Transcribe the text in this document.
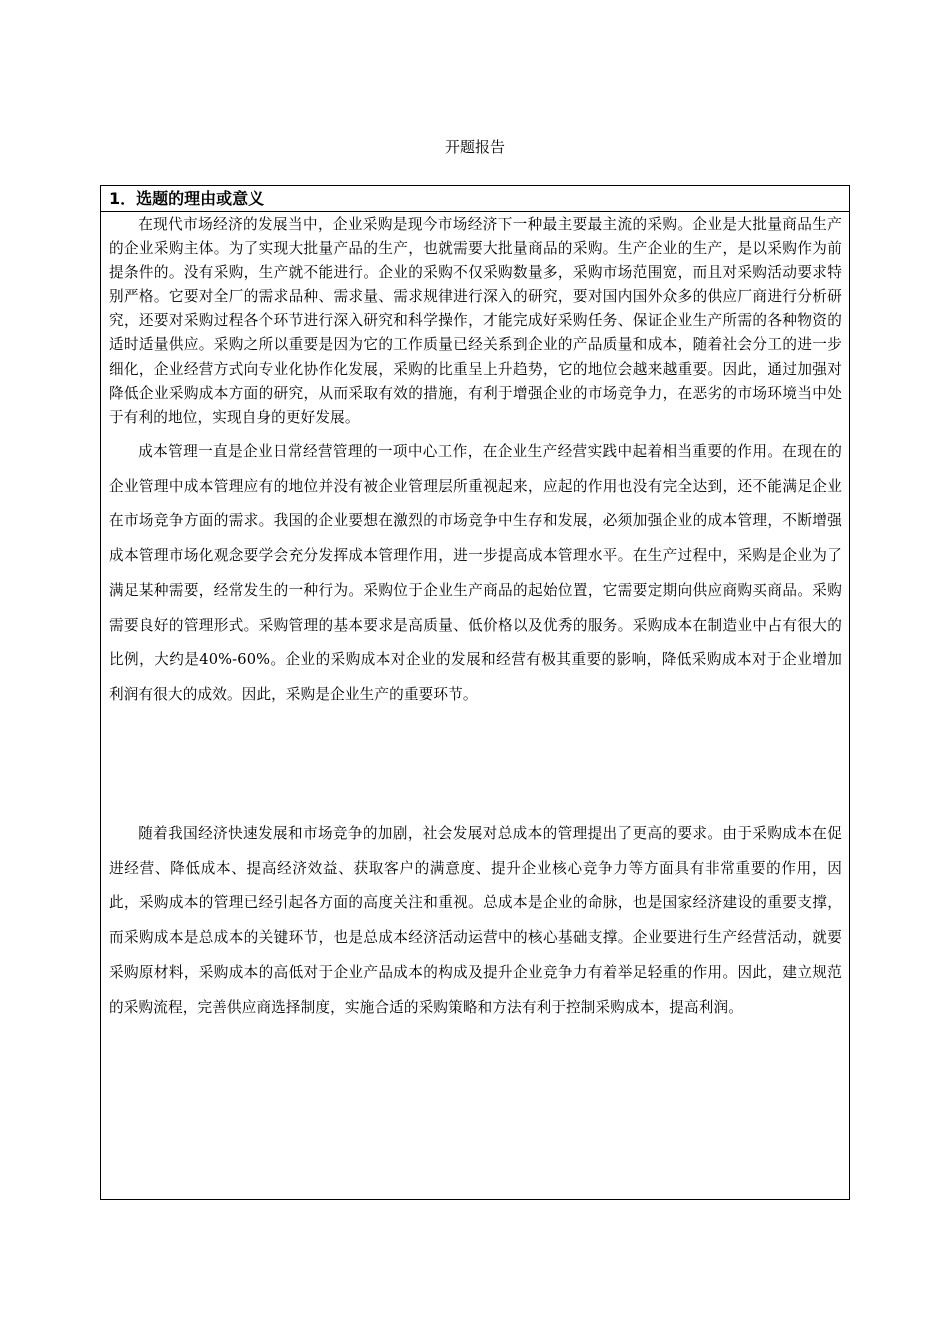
开题报告
1．选题的理由或意义

在现代市场经济的发展当中，企业采购是现今市场经济下一种最主要最主流的采购。企业是大批量商品生产的企业采购主体。为了实现大批量产品的生产，也就需要大批量商品的采购。生产企业的生产，是以采购作为前提条件的。没有采购，生产就不能进行。企业的采购不仅采购数量多，采购市场范围宽，而且对采购活动要求特别严格。它要对全厂的需求品种、需求量、需求规律进行深入的研究，要对国内国外众多的供应厂商进行分析研究，还要对采购过程各个环节进行深入研究和科学操作，才能完成好采购任务、保证企业生产所需的各种物资的适时适量供应。采购之所以重要是因为它的工作质量已经关系到企业的产品质量和成本，随着社会分工的进一步细化，企业经营方式向专业化协作化发展，采购的比重呈上升趋势，它的地位会越来越重要。因此，通过加强对降低企业采购成本方面的研究，从而采取有效的措施，有利于增强企业的市场竞争力，在恶劣的市场环境当中处于有利的地位，实现自身的更好发展。

成本管理一直是企业日常经营管理的一项中心工作，在企业生产经营实践中起着相当重要的作用。在现在的企业管理中成本管理应有的地位并没有被企业管理层所重视起来，应起的作用也没有完全达到，还不能满足企业在市场竞争方面的需求。我国的企业要想在激烈的市场竞争中生存和发展，必须加强企业的成本管理，不断增强成本管理市场化观念要学会充分发挥成本管理作用，进一步提高成本管理水平。在生产过程中，采购是企业为了满足某种需要，经常发生的一种行为。采购位于企业生产商品的起始位置，它需要定期向供应商购买商品。采购需要良好的管理形式。采购管理的基本要求是高质量、低价格以及优秀的服务。采购成本在制造业中占有很大的比例，大约是40%-60%。企业的采购成本对企业的发展和经营有极其重要的影响，降低采购成本对于企业增加利润有很大的成效。因此，采购是企业生产的重要环节。

随着我国经济快速发展和市场竞争的加剧，社会发展对总成本的管理提出了更高的要求。由于采购成本在促进经营、降低成本、提高经济效益、获取客户的满意度、提升企业核心竞争力等方面具有非常重要的作用，因此，采购成本的管理已经引起各方面的高度关注和重视。总成本是企业的命脉，也是国家经济建设的重要支撑，而采购成本是总成本的关键环节，也是总成本经济活动运营中的核心基础支撑。企业要进行生产经营活动，就要采购原材料，采购成本的高低对于企业产品成本的构成及提升企业竞争力有着举足轻重的作用。因此，建立规范的采购流程，完善供应商选择制度，实施合适的采购策略和方法有利于控制采购成本，提高利润。
